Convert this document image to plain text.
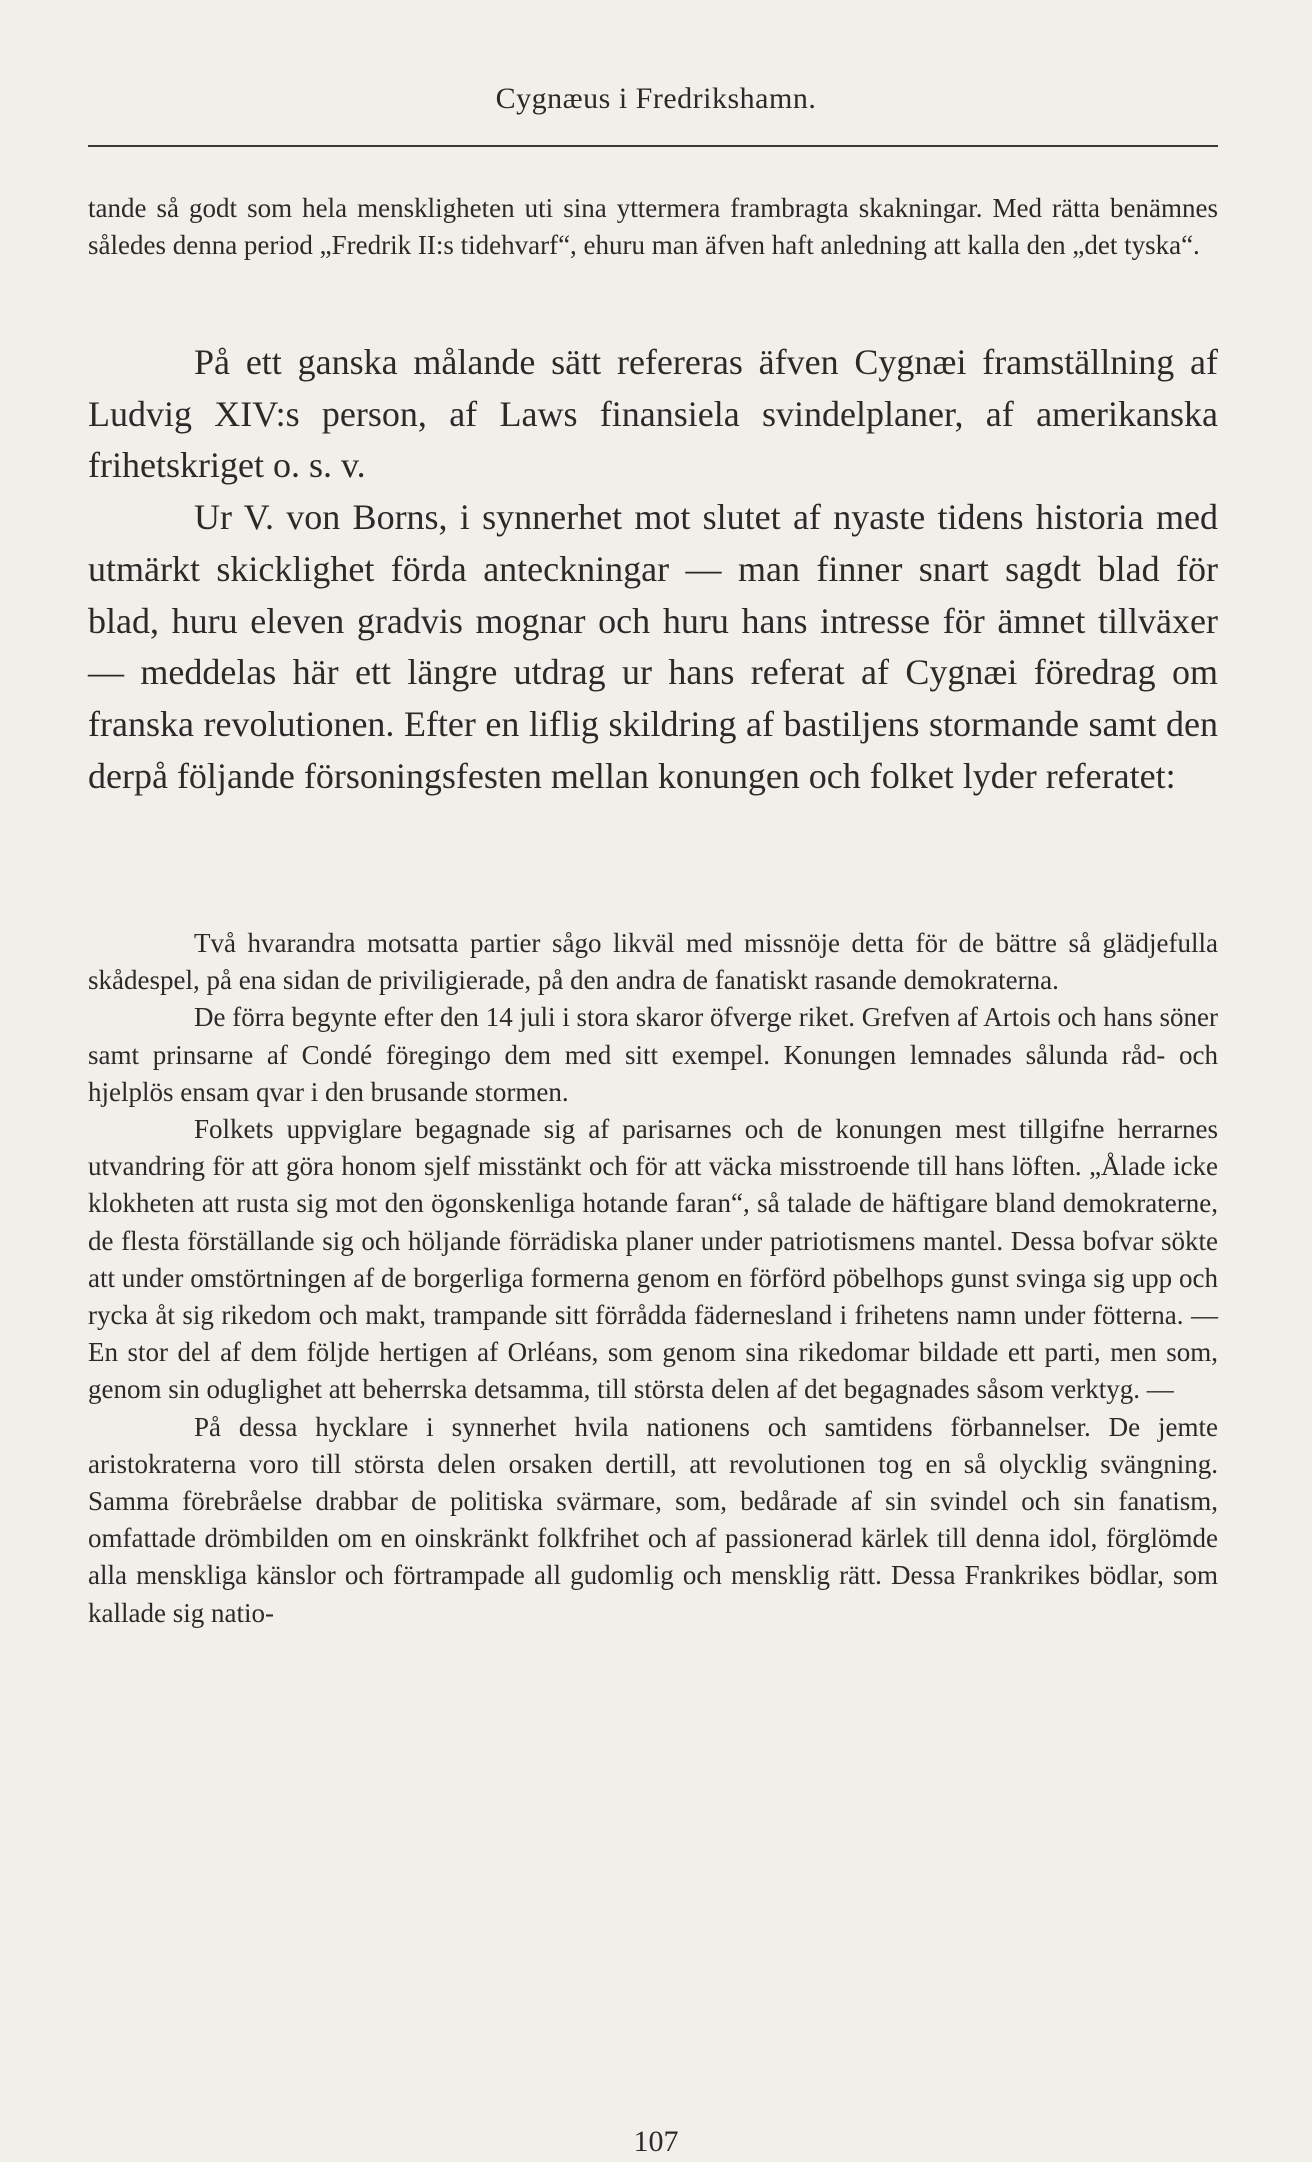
Cygnæus i Fredrikshamn.

tande så godt som hela menskligheten uti sina yttermera frambragta skakningar. Med rätta benämnes således denna period „Fredrik II:s tidehvarf“, ehuru man äfven haft anledning att kalla den „det tyska“.

På ett ganska målande sätt refereras äfven Cygnæi framställning af Ludvig XIV:s person, af Laws finansiela svindelplaner, af amerikanska frihetskriget o. s. v.

Ur V. von Borns, i synnerhet mot slutet af nyaste tidens historia med utmärkt skicklighet förda anteckningar — man finner snart sagdt blad för blad, huru eleven gradvis mognar och huru hans intresse för ämnet tillväxer — meddelas här ett längre utdrag ur hans referat af Cygnæi föredrag om franska revolutionen. Efter en liflig skildring af bastiljens stormande samt den derpå följande försoningsfesten mellan konungen och folket lyder referatet:

Två hvarandra motsatta partier sågo likväl med missnöje detta för de bättre så glädjefulla skådespel, på ena sidan de priviligierade, på den andra de fanatiskt rasande demokraterna.

De förra begynte efter den 14 juli i stora skaror öfverge riket. Grefven af Artois och hans söner samt prinsarne af Condé föregingo dem med sitt exempel. Konungen lemnades sålunda råd- och hjelplös ensam qvar i den brusande stormen.

Folkets uppviglare begagnade sig af parisarnes och de konungen mest tillgifne herrarnes utvandring för att göra honom sjelf misstänkt och för att väcka misstroende till hans löften. „Ålade icke klokheten att rusta sig mot den ögonskenliga hotande faran“, så talade de häftigare bland demokraterne, de flesta förställande sig och höljande förrädiska planer under patriotismens mantel. Dessa bofvar sökte att under omstörtningen af de borgerliga formerna genom en förförd pöbelhops gunst svinga sig upp och rycka åt sig rikedom och makt, trampande sitt förrådda fädernesland i frihetens namn under fötterna. — En stor del af dem följde hertigen af Orléans, som genom sina rikedomar bildade ett parti, men som, genom sin oduglighet att beherrska detsamma, till största delen af det begagnades såsom verktyg. —

På dessa hycklare i synnerhet hvila nationens och samtidens förbannelser. De jemte aristokraterna voro till största delen orsaken dertill, att revolutionen tog en så olycklig svängning. Samma förebråelse drabbar de politiska svärmare, som, bedårade af sin svindel och sin fanatism, omfattade drömbilden om en oinskränkt folkfrihet och af passionerad kärlek till denna idol, förglömde alla menskliga känslor och förtrampade all gudomlig och mensklig rätt. Dessa Frankrikes bödlar, som kallade sig natio-

107
